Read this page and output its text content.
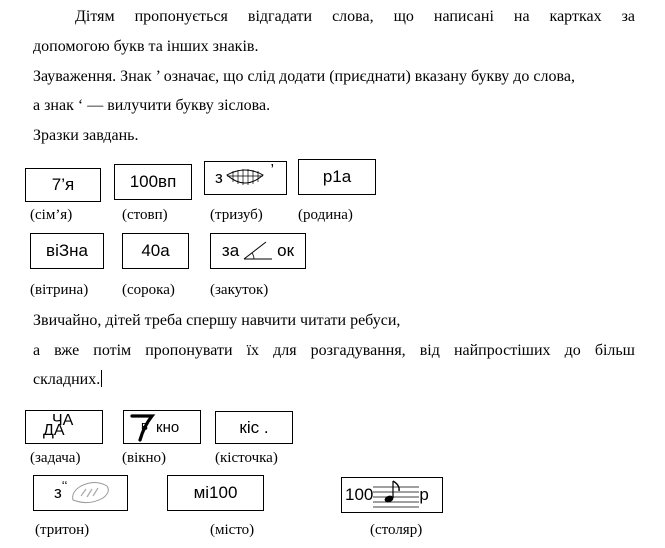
Дітям пропонується відгадати слова, що написані на картках за
допомогою букв та інших знаків.
Зауваження. Знак ’ означає, що слід додати (приєднати) вказану букву до слова,
а знак ‘ — вилучити букву зіслова.
Зразки завдань.
7’я	100вп з	’	р1а
(сім’я)	(стовп)	(тризуб) (родина)
віЗна	40а	за ок
(вітрина) (сорока) (закуток)
Звичайно, дітей треба спершу навчити читати ребуси,
а вже потім пропонувати їх для розгадування, від найпростіших до більш
складних.
ЧА
ДА	в кно	кіс .
(задача)	(вікно)	(кісточка)
з ‘‘	мі100	100	р
(тритон)	(місто)	(столяр)
